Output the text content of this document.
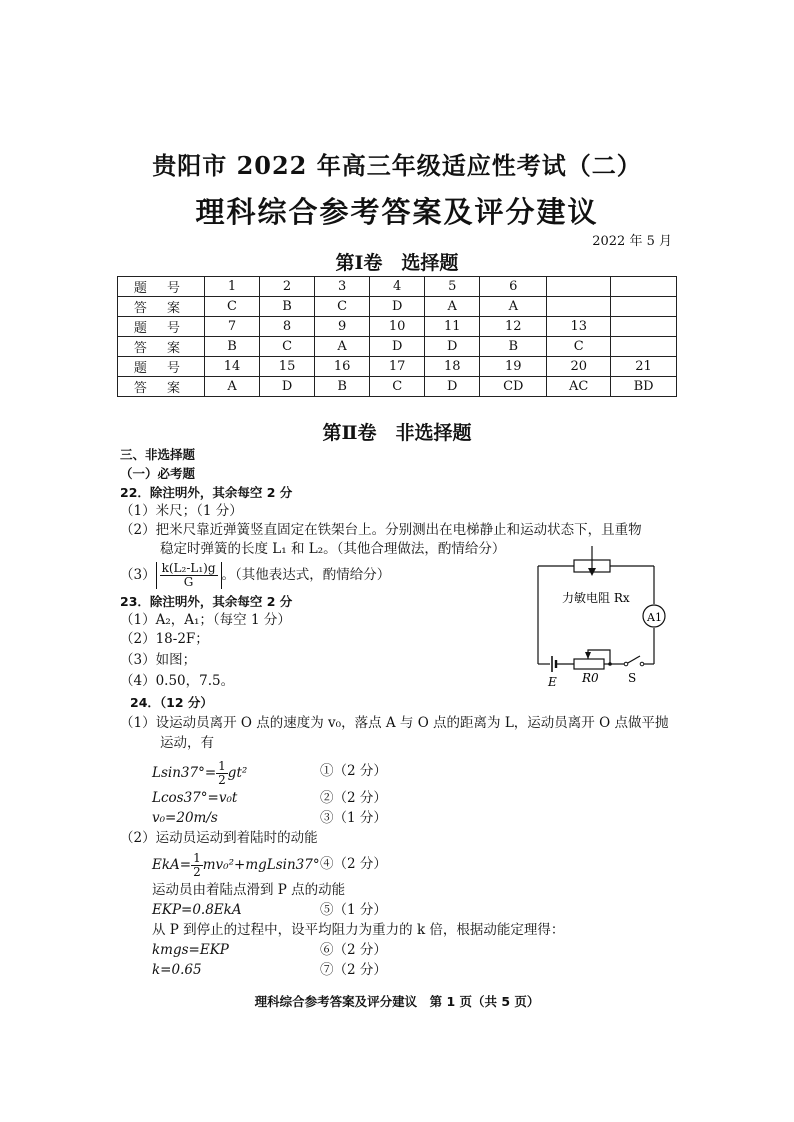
贵阳市 2022 年高三年级适应性考试（二）
理科综合参考答案及评分建议
2022 年 5 月
第Ⅰ卷　选择题
题 号	1	2	3	4	5	6		
答 案	C	B	C	D	A	A		
题 号	7	8	9	10	11	12	13	
答 案	B	C	A	D	D	B	C	
题 号	14	15	16	17	18	19	20	21
答 案	A	D	B	C	D	CD	AC	BD
第Ⅱ卷　非选择题
三、非选择题
（一）必考题
22．除注明外，其余每空 2 分
（1）米尺；（1 分）
（2）把米尺靠近弹簧竖直固定在铁架台上。分别测出在电梯静止和运动状态下，且重物
稳定时弹簧的长度 L₁ 和 L₂。（其他合理做法，酌情给分）
$(3) \frac{\text{k(L₂-L₁)g}}{G}$ 。（其他表达式，酌情给分）
23．除注明外，其余每空 2 分
（1）A₂，A₁；（每空 1 分）
（2）18-2F；
（3）如图；
（4）0.50，7.5。
24．（12 分）
（1）设运动员离开 O 点的速度为 v₀，落点 A 与 O 点的距离为 L，运动员离开 O 点做平抛
运动，有
$Lsin37^\circ= \frac{1}{2} gt^2$	①（2 分）
Lcos37°=v₀t	②（2 分）
v₀=20m/s	③（1 分）
（2）运动员运动到着陆时的动能
$EkA= \frac{1}{2} mv_0^2+mgLsin37^\circ$ ④（2 分）
运动员由着陆点滑到 P 点的动能
EKP=0.8EkA	⑤（1 分）
从 P 到停止的过程中，设平均阻力为重力的 k 倍，根据动能定理得：
kmgs=EKP	⑥（2 分）
k=0.65	⑦（2 分）
力敏电阻 Rx
A1
E R0 S
理科综合参考答案及评分建议　第 1 页（共 5 页）
